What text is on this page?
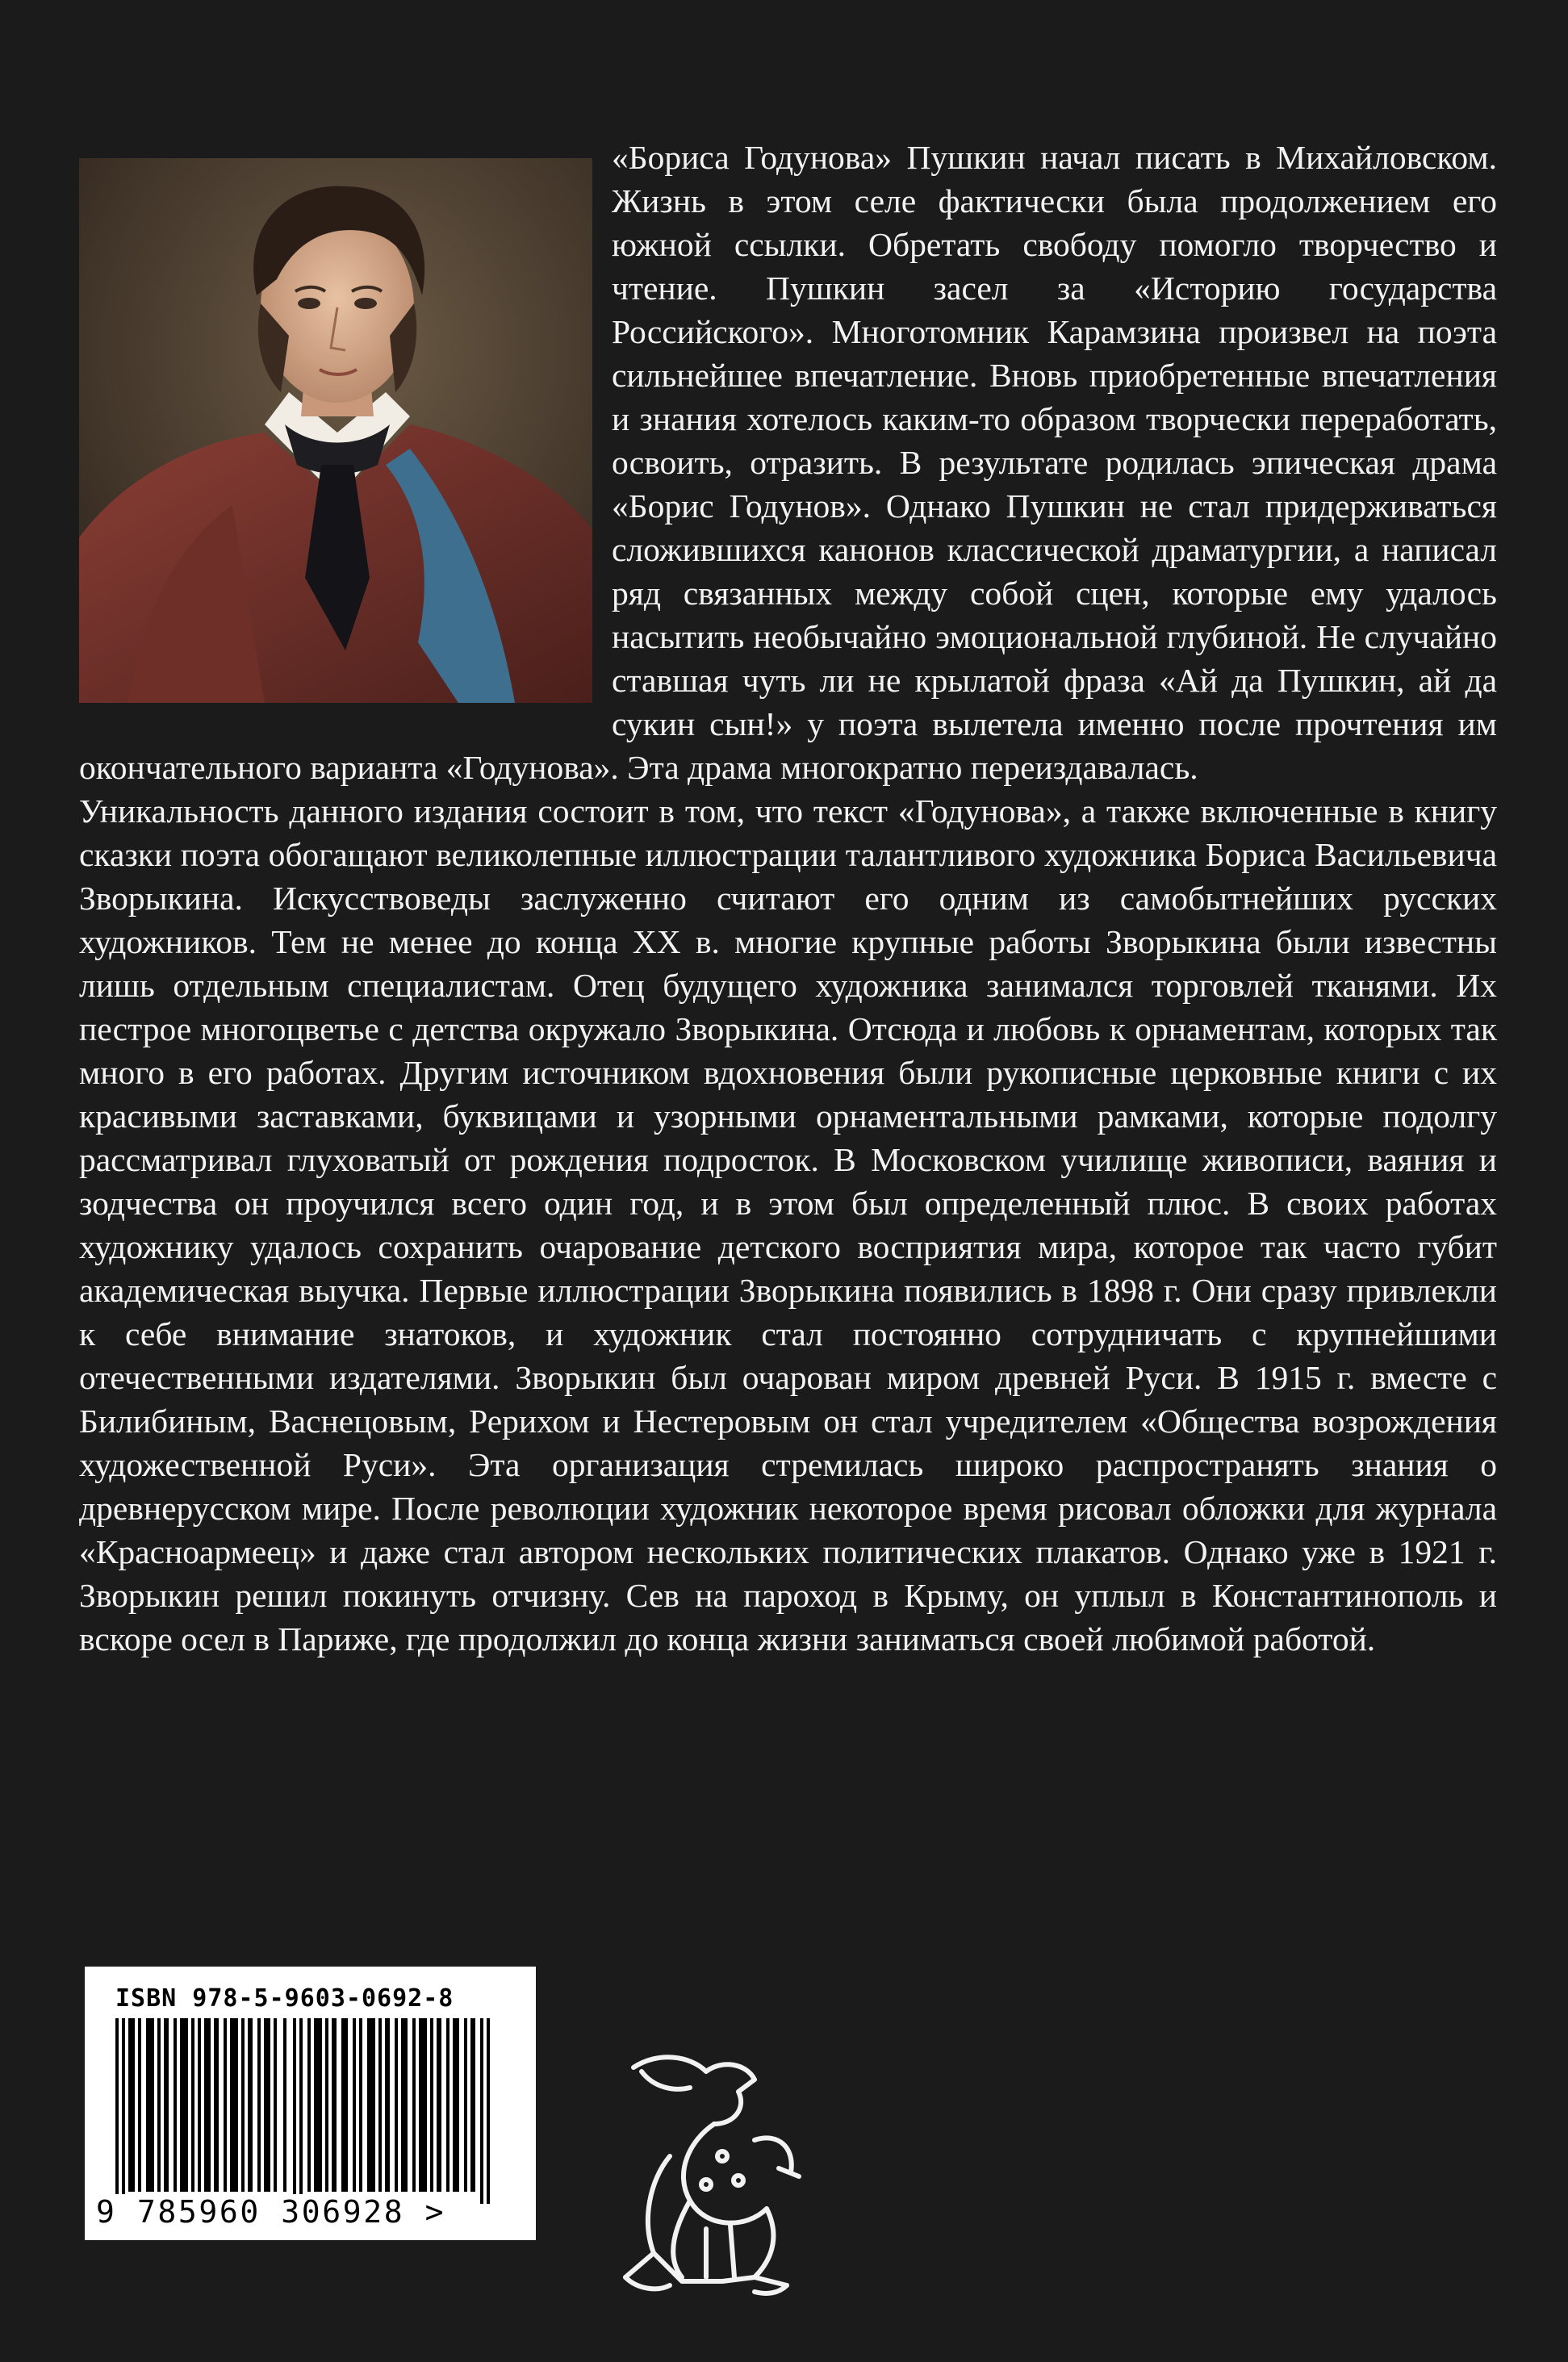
«Бориса Годунова» Пушкин начал писать в Михайловском. Жизнь в этом селе фактически была продолжением его южной ссылки. Обретать свободу помогло творчество и чтение. Пушкин засел за «Историю государства Российского». Многотомник Карамзина произвел на поэта сильнейшее впечатление. Вновь приобретенные впечатления и знания хотелось каким-то образом творчески переработать, освоить, отразить. В результате родилась эпическая драма «Борис Годунов». Однако Пушкин не стал придерживаться сложившихся канонов классической драматургии, а написал ряд связанных между собой сцен, которые ему удалось насытить необычайно эмоциональной глубиной. Не случайно ставшая чуть ли не крылатой фраза «Ай да Пушкин, ай да сукин сын!» у поэта вылетела именно после прочтения им окончательного варианта «Годунова». Эта драма многократно переиздавалась.

Уникальность данного издания состоит в том, что текст «Годунова», а также включенные в книгу сказки поэта обогащают великолепные иллюстрации талантливого художника Бориса Васильевича Зворыкина. Искусствоведы заслуженно считают его одним из самобытнейших русских художников. Тем не менее до конца XX в. многие крупные работы Зворыкина были известны лишь отдельным специалистам. Отец будущего художника занимался торговлей тканями. Их пестрое многоцветье с детства окружало Зворыкина. Отсюда и любовь к орнаментам, которых так много в его работах. Другим источником вдохновения были рукописные церковные книги с их красивыми заставками, буквицами и узорными орнаментальными рамками, которые подолгу рассматривал глуховатый от рождения подросток. В Московском училище живописи, ваяния и зодчества он проучился всего один год, и в этом был определенный плюс. В своих работах художнику удалось сохранить очарование детского восприятия мира, которое так часто губит академическая выучка. Первые иллюстрации Зворыкина появились в 1898 г. Они сразу привлекли к себе внимание знатоков, и художник стал постоянно сотрудничать с крупнейшими отечественными издателями. Зворыкин был очарован миром древней Руси. В 1915 г. вместе с Билибиным, Васнецовым, Рерихом и Нестеровым он стал учредителем «Общества возрождения художественной Руси». Эта организация стремилась широко распространять знания о древнерусском мире. После революции художник некоторое время рисовал обложки для журнала «Красноармеец» и даже стал автором нескольких политических плакатов. Однако уже в 1921 г. Зворыкин решил покинуть отчизну. Сев на пароход в Крыму, он уплыл в Константинополь и вскоре осел в Париже, где продолжил до конца жизни заниматься своей любимой работой.

ISBN 978-5-9603-0692-8
9 785960 306928 >
